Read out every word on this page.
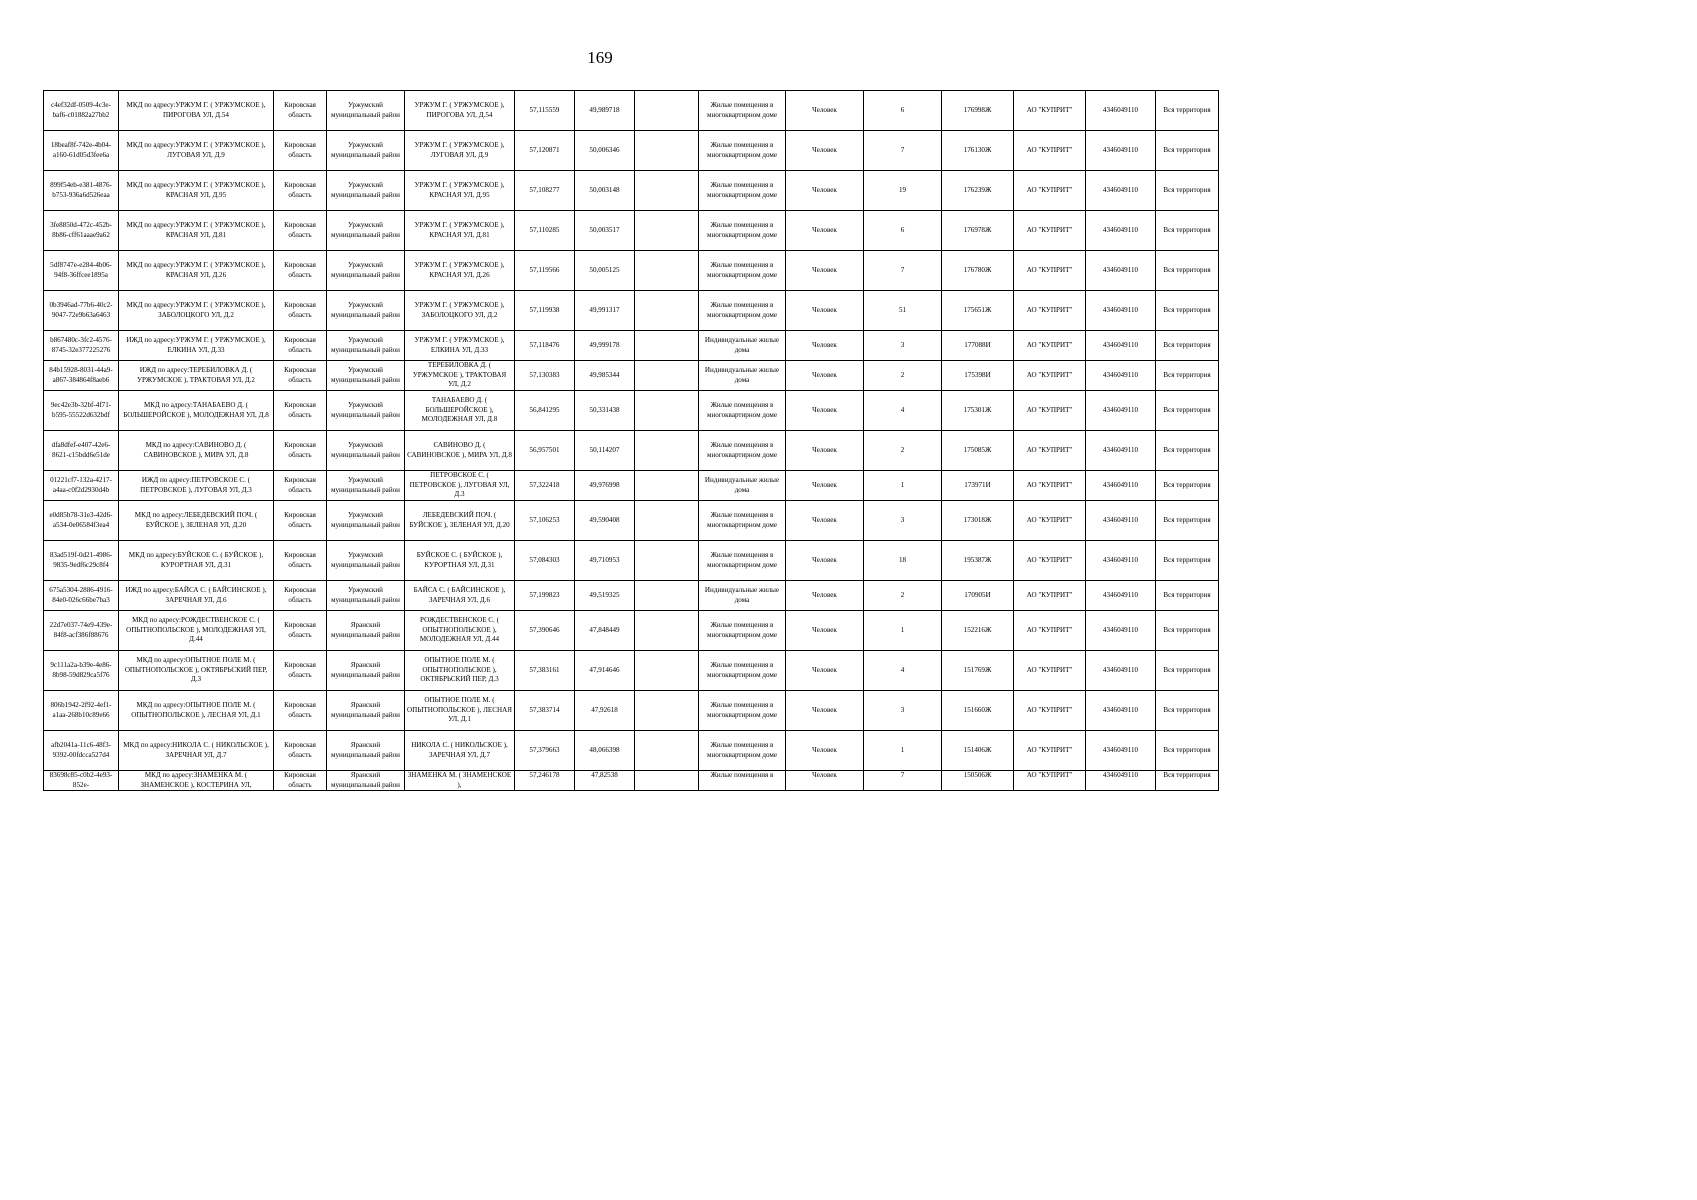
169
c4ef32df-0509-4c3e-baf6-c01882a27bb2	МКД по адресу:УРЖУМ Г. ( УРЖУМСКОЕ ), ПИРОГОВА УЛ, Д.54	Кировская область	Уржумский муниципальный район	УРЖУМ Г. ( УРЖУМСКОЕ ), ПИРОГОВА УЛ, Д.54	57,115559	49,989718		Жилые помещения в многоквартирном доме	Человек	6	176998Ж	АО "КУПРИТ"	4346049110	Вся территория
18beaf8f-742e-4b04-a160-61d05d3fee6a	МКД по адресу:УРЖУМ Г. ( УРЖУМСКОЕ ), ЛУГОВАЯ УЛ, Д.9	Кировская область	Уржумский муниципальный район	УРЖУМ Г. ( УРЖУМСКОЕ ), ЛУГОВАЯ УЛ, Д.9	57,120871	50,006346		Жилые помещения в многоквартирном доме	Человек	7	176130Ж	АО "КУПРИТ"	4346049110	Вся территория
899f54eb-e381-4876-b753-936a6d526eaa	МКД по адресу:УРЖУМ Г. ( УРЖУМСКОЕ ), КРАСНАЯ УЛ, Д.95	Кировская область	Уржумский муниципальный район	УРЖУМ Г. ( УРЖУМСКОЕ ), КРАСНАЯ УЛ, Д.95	57,108277	50,003148		Жилые помещения в многоквартирном доме	Человек	19	176239Ж	АО "КУПРИТ"	4346049110	Вся территория
3fe8850d-472c-452b-8b86-cff61aaae9a62	МКД по адресу:УРЖУМ Г. ( УРЖУМСКОЕ ), КРАСНАЯ УЛ, Д.81	Кировская область	Уржумский муниципальный район	УРЖУМ Г. ( УРЖУМСКОЕ ), КРАСНАЯ УЛ, Д.81	57,110285	50,003517		Жилые помещения в многоквартирном доме	Человек	6	176978Ж	АО "КУПРИТ"	4346049110	Вся территория
5df8747e-e284-4b06-94f8-36ffcee1895a	МКД по адресу:УРЖУМ Г. ( УРЖУМСКОЕ ), КРАСНАЯ УЛ, Д.26	Кировская область	Уржумский муниципальный район	УРЖУМ Г. ( УРЖУМСКОЕ ), КРАСНАЯ УЛ, Д.26	57,119566	50,005125		Жилые помещения в многоквартирном доме	Человек	7	176780Ж	АО "КУПРИТ"	4346049110	Вся территория
0b3946ad-77b6-40c2-9047-72e9b63a6463	МКД по адресу:УРЖУМ Г. ( УРЖУМСКОЕ ), ЗАБОЛОЦКОГО УЛ, Д.2	Кировская область	Уржумский муниципальный район	УРЖУМ Г. ( УРЖУМСКОЕ ), ЗАБОЛОЦКОГО УЛ, Д.2	57,119938	49,991317		Жилые помещения в многоквартирном доме	Человек	51	175651Ж	АО "КУПРИТ"	4346049110	Вся территория
b867480c-3fc2-4576-8745-32e377225276	ИЖД по адресу:УРЖУМ Г. ( УРЖУМСКОЕ ), ЕЛКИНА УЛ, Д.33	Кировская область	Уржумский муниципальный район	УРЖУМ Г. ( УРЖУМСКОЕ ), ЕЛКИНА УЛ, Д.33	57,118476	49,999178		Индивидуальные жилые дома	Человек	3	177088И	АО "КУПРИТ"	4346049110	Вся территория
84b15928-8031-44a9-a867-384864f8aeb6	ИЖД по адресу:ТЕРЕБИЛОВКА Д. ( УРЖУМСКОЕ ), ТРАКТОВАЯ УЛ, Д.2	Кировская область	Уржумский муниципальный район	ТЕРЕБИЛОВКА Д. ( УРЖУМСКОЕ ), ТРАКТОВАЯ УЛ, Д.2	57,130383	49,985344		Индивидуальные жилые дома	Человек	2	175398И	АО "КУПРИТ"	4346049110	Вся территория
9ec42e3b-32bf-4f71-b595-55522d632bdf	МКД по адресу:ТАНАБАЕВО Д. ( БОЛЬШЕРОЙСКОЕ ), МОЛОДЕЖНАЯ УЛ, Д.8	Кировская область	Уржумский муниципальный район	ТАНАБАЕВО Д. ( БОЛЬШЕРОЙСКОЕ ), МОЛОДЕЖНАЯ УЛ, Д.8	56,841295	50,331438		Жилые помещения в многоквартирном доме	Человек	4	175301Ж	АО "КУПРИТ"	4346049110	Вся территория
dfa8dfef-e407-42e6-8621-c15bdd6e51de	МКД по адресу:САВИНОВО Д. ( САВИНОВСКОЕ ), МИРА УЛ, Д.8	Кировская область	Уржумский муниципальный район	САВИНОВО Д. ( САВИНОВСКОЕ ), МИРА УЛ, Д.8	56,957501	50,114207		Жилые помещения в многоквартирном доме	Человек	2	175085Ж	АО "КУПРИТ"	4346049110	Вся территория
01221cf7-132a-4217-a4aa-c0f2d2930d4b	ИЖД по адресу:ПЕТРОВСКОЕ С. ( ПЕТРОВСКОЕ ), ЛУГОВАЯ УЛ, Д.3	Кировская область	Уржумский муниципальный район	ПЕТРОВСКОЕ С. ( ПЕТРОВСКОЕ ), ЛУГОВАЯ УЛ, Д.3	57,322418	49,976998		Индивидуальные жилые дома	Человек	1	173971И	АО "КУПРИТ"	4346049110	Вся территория
e0d85b78-31e3-42d6-a534-0e06584f3ea4	МКД по адресу:ЛЕБЕДЕВСКИЙ ПОЧ. ( БУЙСКОЕ ), ЗЕЛЕНАЯ УЛ, Д.20	Кировская область	Уржумский муниципальный район	ЛЕБЕДЕВСКИЙ ПОЧ. ( БУЙСКОЕ ), ЗЕЛЕНАЯ УЛ, Д.20	57,106253	49,590408		Жилые помещения в многоквартирном доме	Человек	3	173018Ж	АО "КУПРИТ"	4346049110	Вся территория
83ad519f-0d21-4986-9835-9edf6c29c8f4	МКД по адресу:БУЙСКОЕ С. ( БУЙСКОЕ ), КУРОРТНАЯ УЛ, Д.31	Кировская область	Уржумский муниципальный район	БУЙСКОЕ С. ( БУЙСКОЕ ), КУРОРТНАЯ УЛ, Д.31	57,084303	49,710953		Жилые помещения в многоквартирном доме	Человек	18	195387Ж	АО "КУПРИТ"	4346049110	Вся территория
675a5304-2886-4916-84e0-026c66be7ba3	ИЖД по адресу:БАЙСА С. ( БАЙСИНСКОЕ ), ЗАРЕЧНАЯ УЛ, Д.6	Кировская область	Уржумский муниципальный район	БАЙСА С. ( БАЙСИНСКОЕ ), ЗАРЕЧНАЯ УЛ, Д.6	57,199823	49,519325		Индивидуальные жилые дома	Человек	2	170905И	АО "КУПРИТ"	4346049110	Вся территория
22d7e037-74e9-439e-84f8-acf386f88676	МКД по адресу:РОЖДЕСТВЕНСКОЕ С. ( ОПЫТНОПОЛЬСКОЕ ), МОЛОДЕЖНАЯ УЛ, Д.44	Кировская область	Яранский муниципальный район	РОЖДЕСТВЕНСКОЕ С. ( ОПЫТНОПОЛЬСКОЕ ), МОЛОДЕЖНАЯ УЛ, Д.44	57,390646	47,848449		Жилые помещения в многоквартирном доме	Человек	1	152216Ж	АО "КУПРИТ"	4346049110	Вся территория
9c111a2a-b39e-4e86-8b98-59d829ca5f76	МКД по адресу:ОПЫТНОЕ ПОЛЕ М. ( ОПЫТНОПОЛЬСКОЕ ), ОКТЯБРЬСКИЙ ПЕР, Д.3	Кировская область	Яранский муниципальный район	ОПЫТНОЕ ПОЛЕ М. ( ОПЫТНОПОЛЬСКОЕ ), ОКТЯБРЬСКИЙ ПЕР, Д.3	57,383161	47,914646		Жилые помещения в многоквартирном доме	Человек	4	151769Ж	АО "КУПРИТ"	4346049110	Вся территория
806b1942-2f92-4ef1-a1aa-268b10c89e66	МКД по адресу:ОПЫТНОЕ ПОЛЕ М. ( ОПЫТНОПОЛЬСКОЕ ), ЛЕСНАЯ УЛ, Д.1	Кировская область	Яранский муниципальный район	ОПЫТНОЕ ПОЛЕ М. ( ОПЫТНОПОЛЬСКОЕ ), ЛЕСНАЯ УЛ, Д.1	57,383714	47,92618		Жилые помещения в многоквартирном доме	Человек	3	151660Ж	АО "КУПРИТ"	4346049110	Вся территория
afb2041a-11c6-48f3-9392-00fdcca527d4	МКД по адресу:НИКОЛА С. ( НИКОЛЬСКОЕ ), ЗАРЕЧНАЯ УЛ, Д.7	Кировская область	Яранский муниципальный район	НИКОЛА С. ( НИКОЛЬСКОЕ ), ЗАРЕЧНАЯ УЛ, Д.7	57,379663	48,066398		Жилые помещения в многоквартирном доме	Человек	1	151406Ж	АО "КУПРИТ"	4346049110	Вся территория
83698c85-c0b2-4e93-852e-	МКД по адресу:ЗНАМЕНКА М. ( ЗНАМЕНСКОЕ ), КОСТЕРИНА УЛ,	Кировская область	Яранский муниципальный район	ЗНАМЕНКА М. ( ЗНАМЕНСКОЕ ),	57,246178	47,82538		Жилые помещения в	Человек	7	150506Ж	АО "КУПРИТ"	4346049110	Вся территория
